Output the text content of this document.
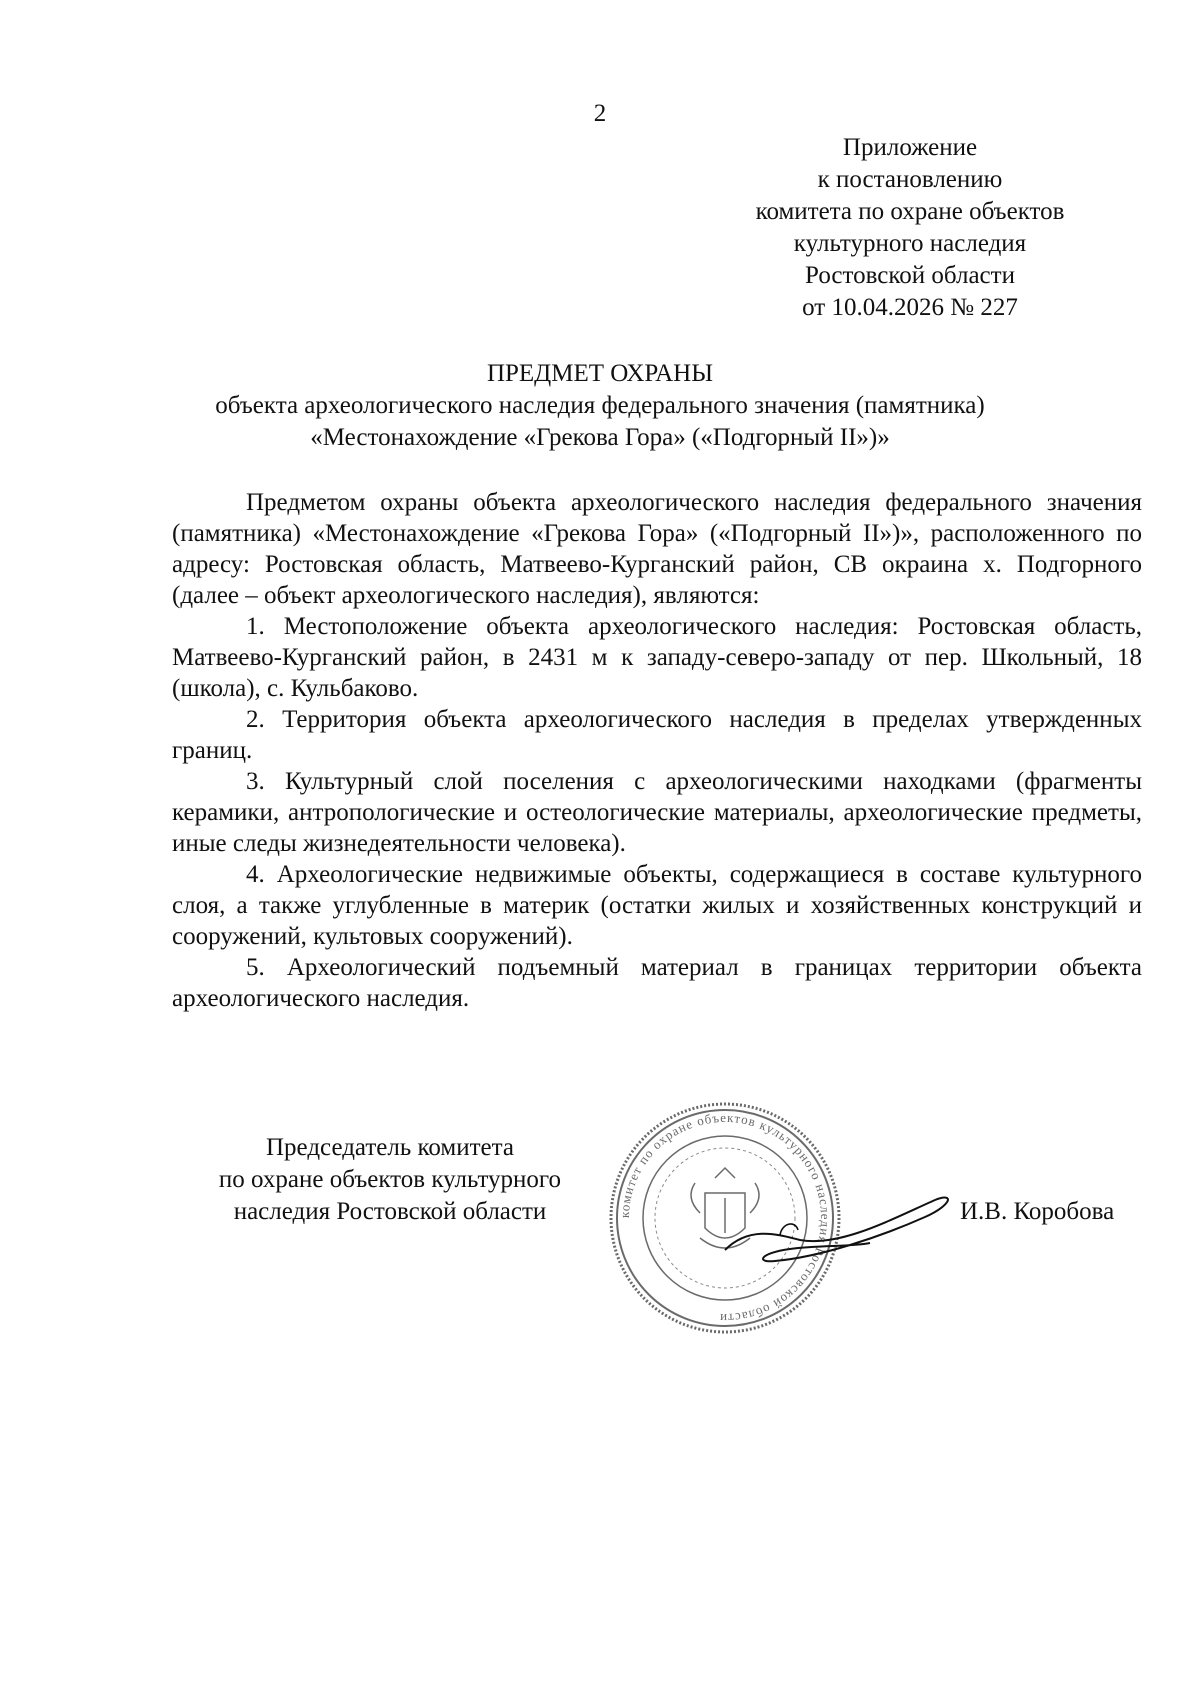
2
Приложение
к постановлению
комитета по охране объектов
культурного наследия
Ростовской области
от 10.04.2026 № 227
ПРЕДМЕТ ОХРАНЫ
объекта археологического наследия федерального значения (памятника)
«Местонахождение «Грекова Гора» («Подгорный II»)»

Предметом охраны объекта археологического наследия федерального значения (памятника) «Местонахождение «Грекова Гора» («Подгорный II»)», расположенного по адресу: Ростовская область, Матвеево-Курганский район, СВ окраина х. Подгорного (далее – объект археологического наследия), являются:

1. Местоположение объекта археологического наследия: Ростовская область, Матвеево-Курганский район, в 2431 м к западу-северо-западу от пер. Школьный, 18 (школа), с. Кульбаково.

2. Территория объекта археологического наследия в пределах утвержденных границ.

3. Культурный слой поселения с археологическими находками (фрагменты керамики, антропологические и остеологические материалы, археологические предметы, иные следы жизнедеятельности человека).

4. Археологические недвижимые объекты, содержащиеся в составе культурного слоя, а также углубленные в материк (остатки жилых и хозяйственных конструкций и сооружений, культовых сооружений).

5. Археологический подъемный материал в границах территории объекта археологического наследия.

Председатель комитета
по охране объектов культурного
наследия Ростовской области	комитет по охране объектов культурного наследия Ростовской области
И.В. Коробова
